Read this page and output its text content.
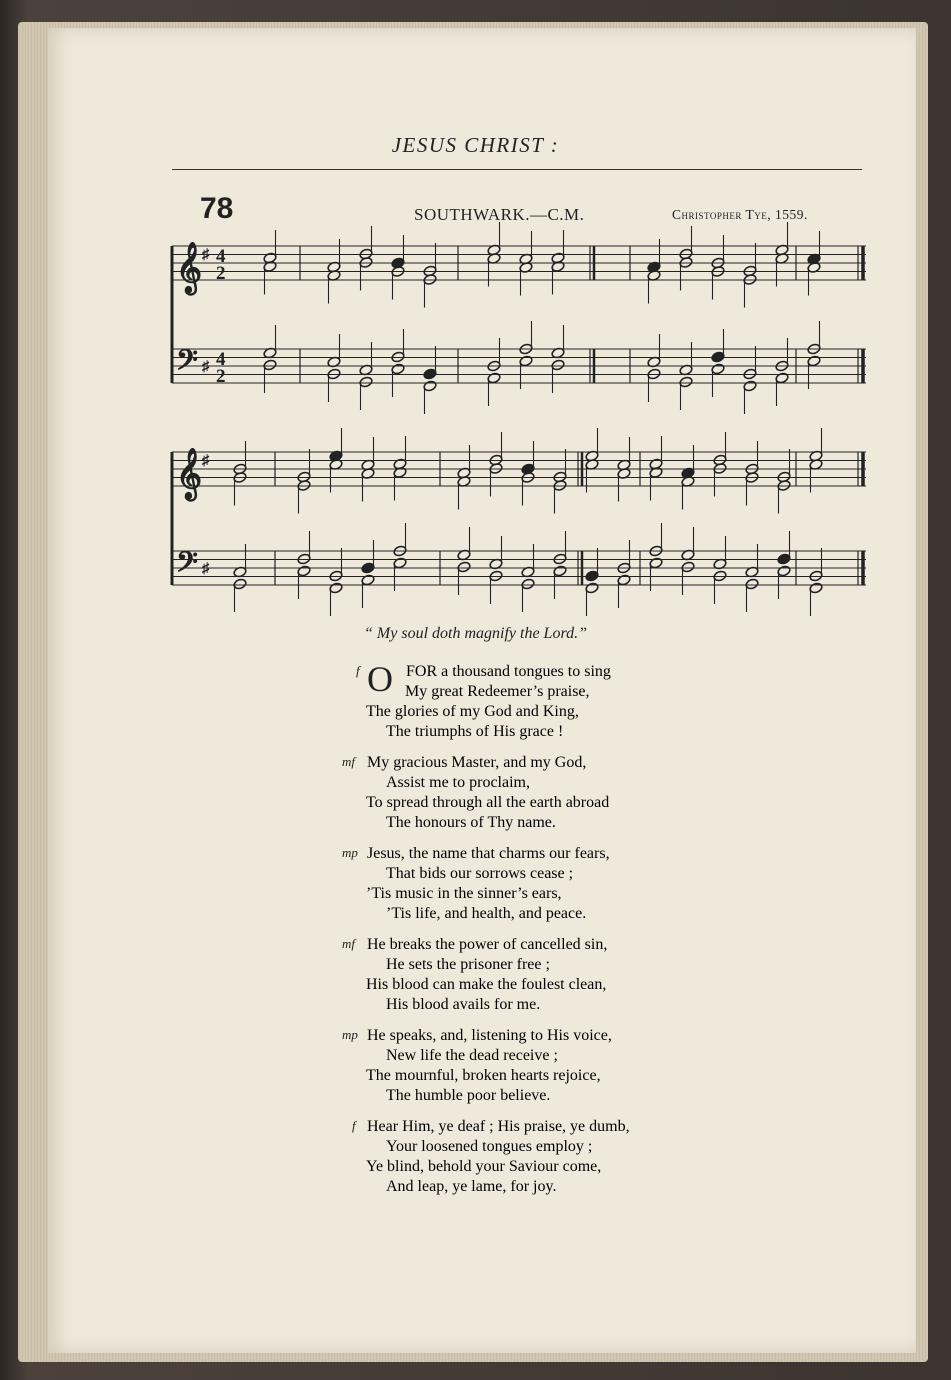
JESUS CHRIST :
78	SOUTHWARK.—C.M.	Christopher Tye, 1559.
𝄞
𝄢
♯
♯
4
2
4
2
𝄞
𝄢
♯
♯
“ My soul doth magnify the Lord.”
f O FOR a thousand tongues to sing
My great Redeemer’s praise,
The glories of my God and King,
The triumphs of His grace !
mf My gracious Master, and my God,
Assist me to proclaim,
To spread through all the earth abroad
The honours of Thy name.
mp Jesus, the name that charms our fears,
That bids our sorrows cease ;
’Tis music in the sinner’s ears,
’Tis life, and health, and peace.
mf He breaks the power of cancelled sin,
He sets the prisoner free ;
His blood can make the foulest clean,
His blood avails for me.
mp He speaks, and, listening to His voice,
New life the dead receive ;
The mournful, broken hearts rejoice,
The humble poor believe.
f Hear Him, ye deaf ; His praise, ye dumb,
Your loosened tongues employ ;
Ye blind, behold your Saviour come,
And leap, ye lame, for joy.
